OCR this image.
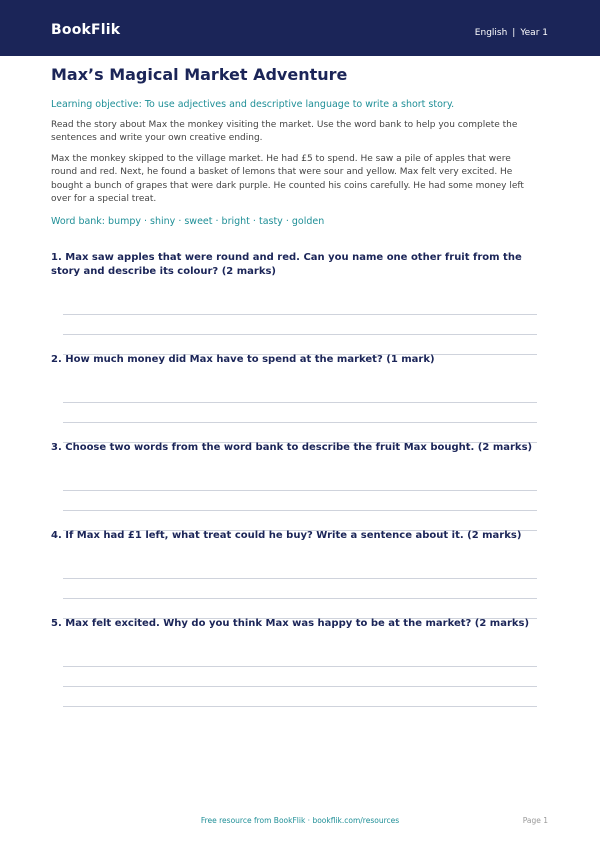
BookFlik	English | Year 1
Max’s Magical Market Adventure
Learning objective: To use adjectives and descriptive language to write a short story.
Read the story about Max the monkey visiting the market. Use the word bank to help you complete the sentences and write your own creative ending.
Max the monkey skipped to the village market. He had £5 to spend. He saw a pile of apples that were round and red. Next, he found a basket of lemons that were sour and yellow. Max felt very excited. He bought a bunch of grapes that were dark purple. He counted his coins carefully. He had some money left over for a special treat.
Word bank: bumpy · shiny · sweet · bright · tasty · golden
1. Max saw apples that were round and red. Can you name one other fruit from the story and describe its colour? (2 marks)
2. How much money did Max have to spend at the market? (1 mark)
3. Choose two words from the word bank to describe the fruit Max bought. (2 marks)
4. If Max had £1 left, what treat could he buy? Write a sentence about it. (2 marks)
5. Max felt excited. Why do you think Max was happy to be at the market? (2 marks)
Free resource from BookFlik · bookflik.com/resources	Page 1
